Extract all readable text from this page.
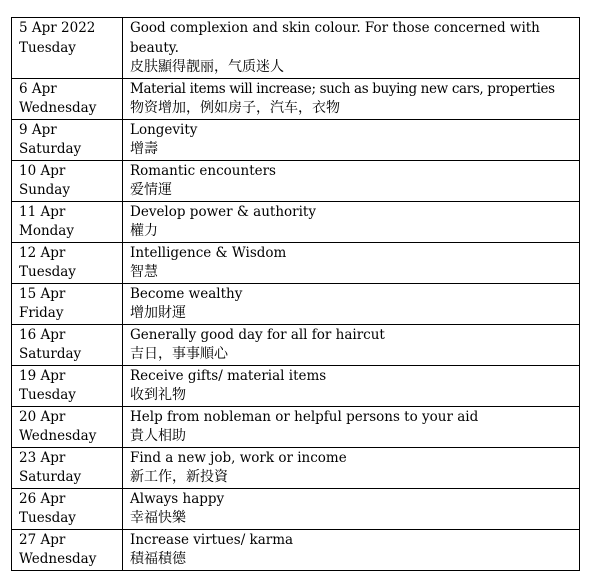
5 Apr 2022
Tuesday	Good complexion and skin colour. For those concerned with beauty.
皮肤顯得靓丽，气质迷人

6 Apr
Wednesday	Material items will increase; such as buying new cars, properties
物资增加，例如房子，汽车，衣物

9 Apr
Saturday	Longevity
增壽

10 Apr
Sunday	Romantic encounters
爱情運

11 Apr
Monday	Develop power & authority
權力

12 Apr
Tuesday	Intelligence & Wisdom
智慧

15 Apr
Friday	Become wealthy
增加財運

16 Apr
Saturday	Generally good day for all for haircut
吉日，事事順心

19 Apr
Tuesday	Receive gifts/ material items
收到礼物

20 Apr
Wednesday	Help from nobleman or helpful persons to your aid
貴人相助

23 Apr
Saturday	Find a new job, work or income
新工作，新投資

26 Apr
Tuesday	Always happy
幸福快樂

27 Apr
Wednesday	Increase virtues/ karma
積福積德
